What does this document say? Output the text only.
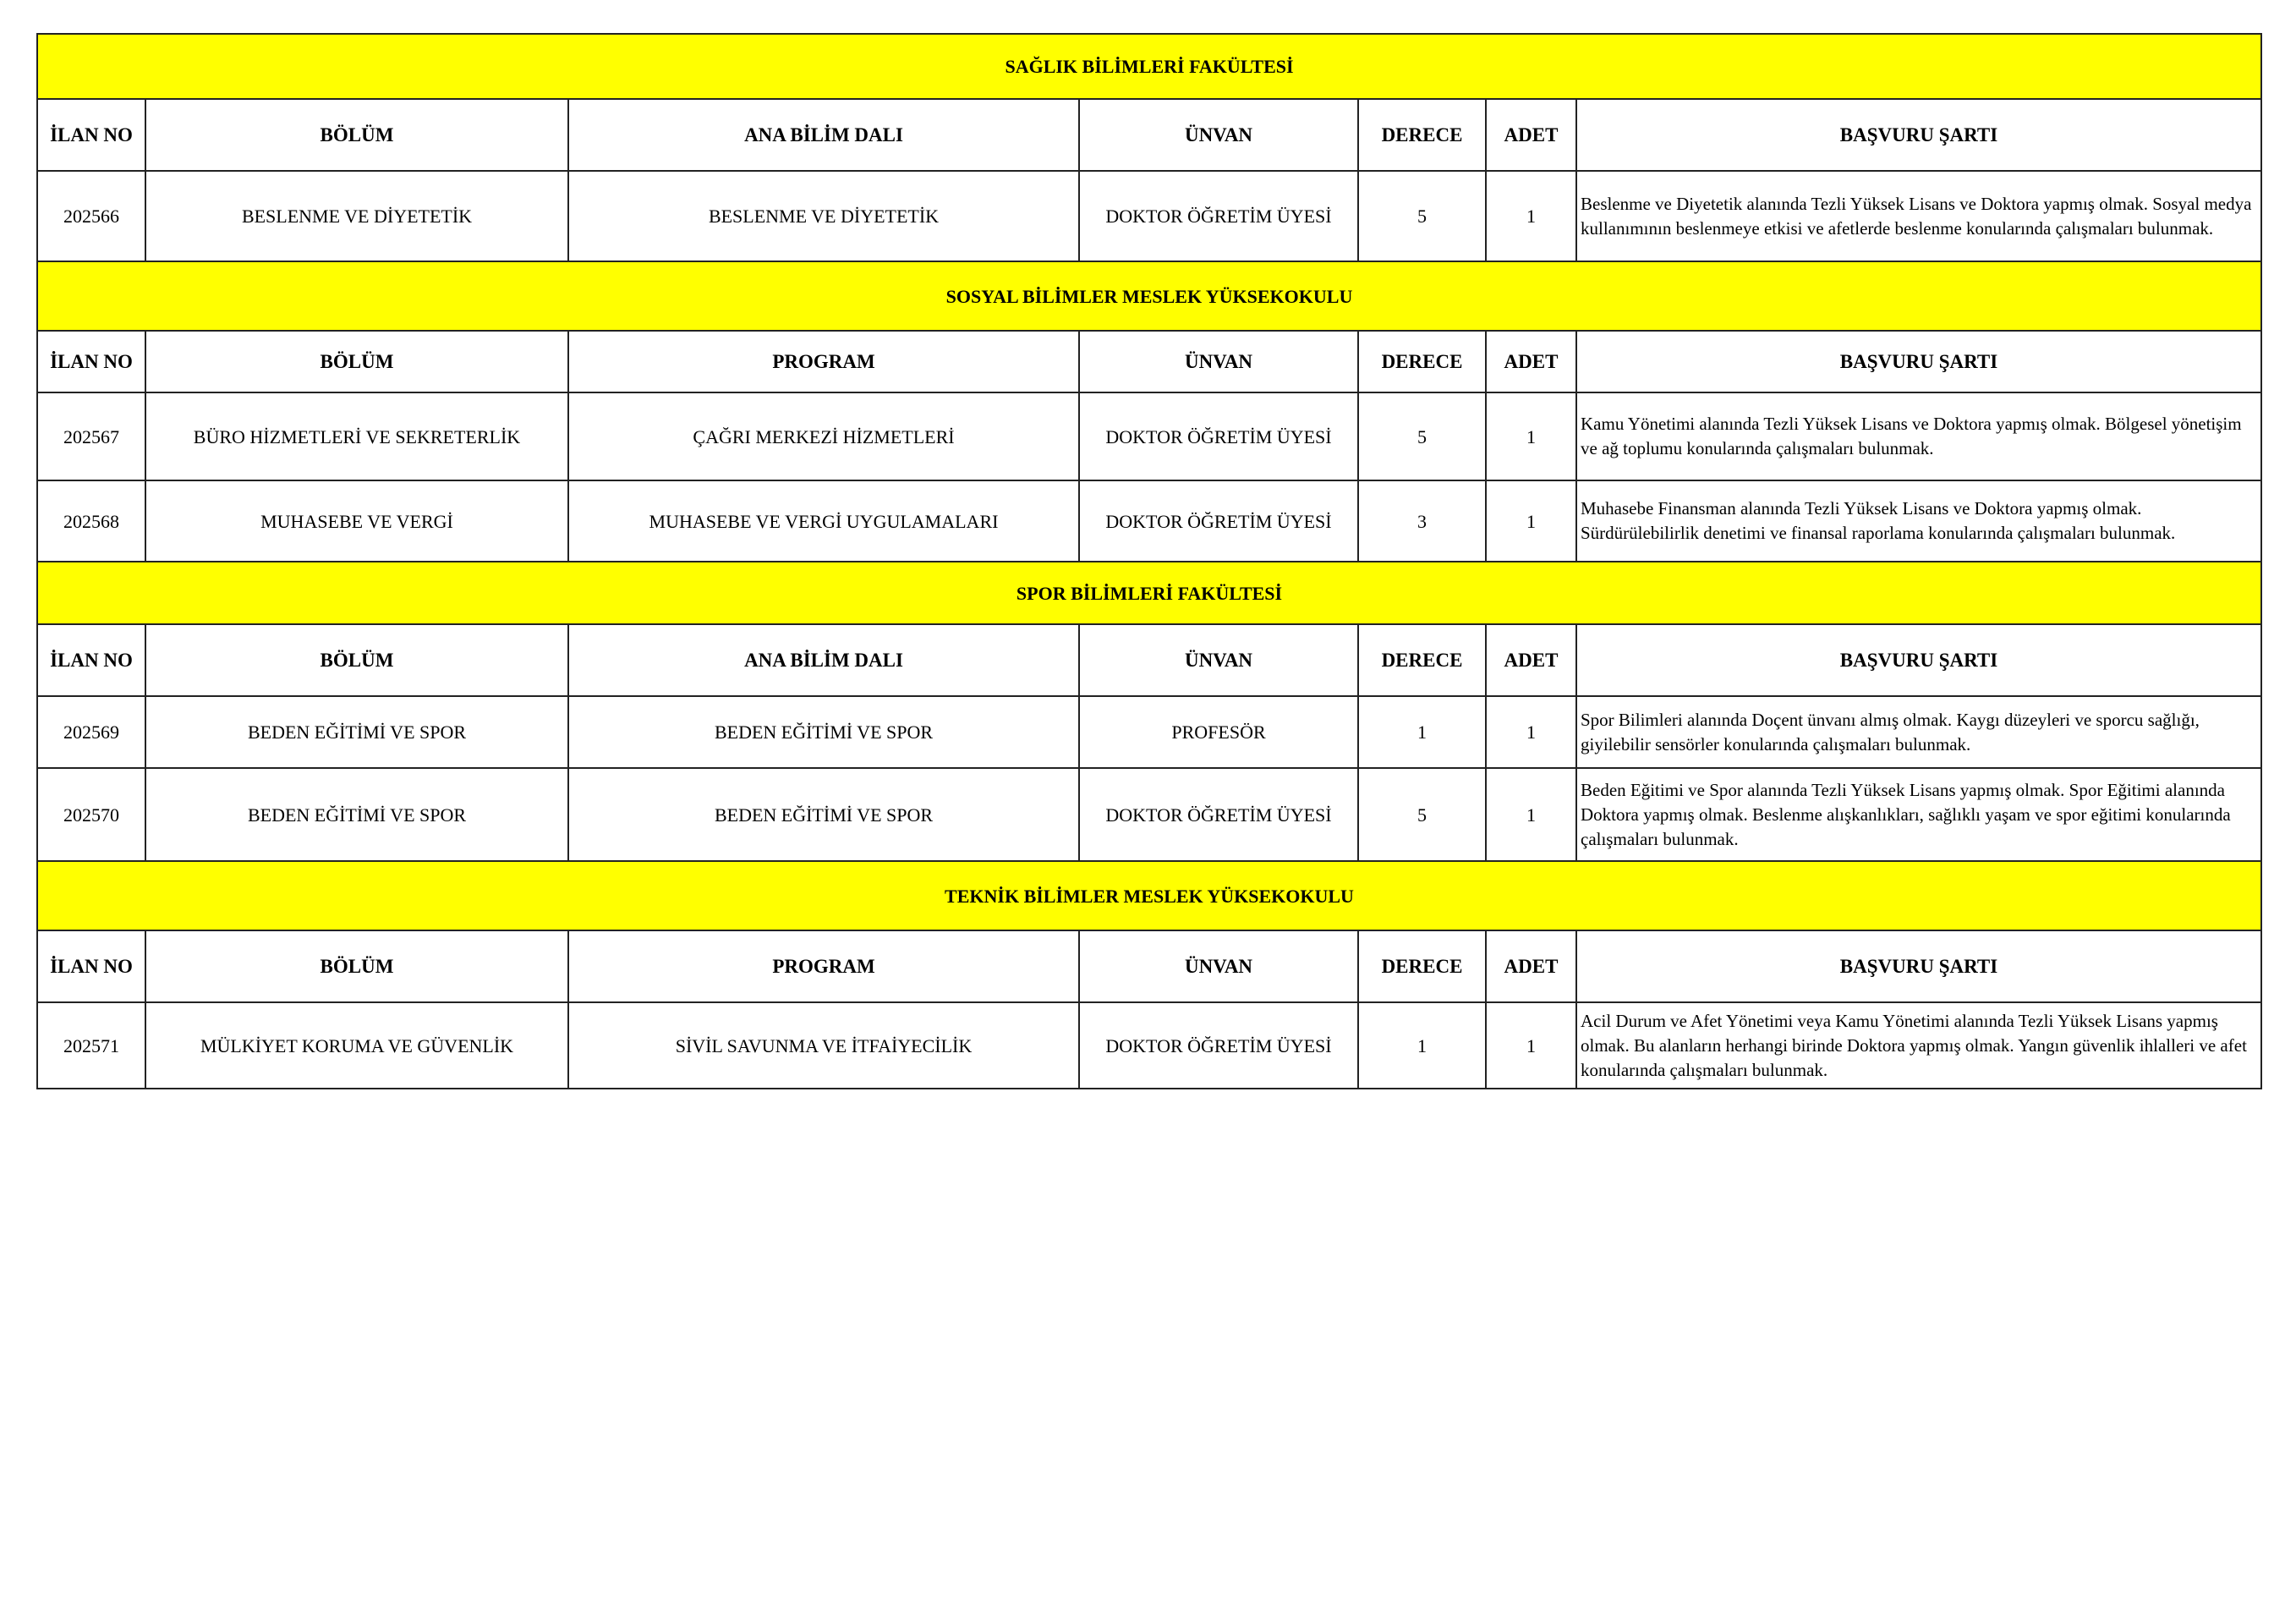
SAĞLIK BİLİMLERİ FAKÜLTESİ						
İLAN NO	BÖLÜM	ANA BİLİM DALI	ÜNVAN	DERECE	ADET	BAŞVURU ŞARTI
202566	BESLENME VE DİYETETİK	BESLENME VE DİYETETİK	DOKTOR ÖĞRETİM ÜYESİ	5	1	Beslenme ve Diyetetik alanında Tezli Yüksek Lisans ve Doktora yapmış olmak. Sosyal medya kullanımının beslenmeye etkisi ve afetlerde beslenme konularında çalışmaları bulunmak.
SOSYAL BİLİMLER MESLEK YÜKSEKOKULU						
İLAN NO	BÖLÜM	PROGRAM	ÜNVAN	DERECE	ADET	BAŞVURU ŞARTI
202567	BÜRO HİZMETLERİ VE SEKRETERLİK	ÇAĞRI MERKEZİ HİZMETLERİ	DOKTOR ÖĞRETİM ÜYESİ	5	1	Kamu Yönetimi alanında Tezli Yüksek Lisans ve Doktora yapmış olmak. Bölgesel yönetişim ve ağ toplumu konularında çalışmaları bulunmak.
202568	MUHASEBE VE VERGİ	MUHASEBE VE VERGİ UYGULAMALARI	DOKTOR ÖĞRETİM ÜYESİ	3	1	Muhasebe Finansman alanında Tezli Yüksek Lisans ve Doktora yapmış olmak. Sürdürülebilirlik denetimi ve finansal raporlama konularında çalışmaları bulunmak.
SPOR BİLİMLERİ FAKÜLTESİ						
İLAN NO	BÖLÜM	ANA BİLİM DALI	ÜNVAN	DERECE	ADET	BAŞVURU ŞARTI
202569	BEDEN EĞİTİMİ VE SPOR	BEDEN EĞİTİMİ VE SPOR	PROFESÖR	1	1	Spor Bilimleri alanında Doçent ünvanı almış olmak. Kaygı düzeyleri ve sporcu sağlığı, giyilebilir sensörler konularında çalışmaları bulunmak.
202570	BEDEN EĞİTİMİ VE SPOR	BEDEN EĞİTİMİ VE SPOR	DOKTOR ÖĞRETİM ÜYESİ	5	1	Beden Eğitimi ve Spor alanında Tezli Yüksek Lisans yapmış olmak. Spor Eğitimi alanında Doktora yapmış olmak. Beslenme alışkanlıkları, sağlıklı yaşam ve spor eğitimi konularında çalışmaları bulunmak.
TEKNİK BİLİMLER MESLEK YÜKSEKOKULU						
İLAN NO	BÖLÜM	PROGRAM	ÜNVAN	DERECE	ADET	BAŞVURU ŞARTI
202571	MÜLKİYET KORUMA VE GÜVENLİK	SİVİL SAVUNMA VE İTFAİYECİLİK	DOKTOR ÖĞRETİM ÜYESİ	1	1	Acil Durum ve Afet Yönetimi veya Kamu Yönetimi alanında Tezli Yüksek Lisans yapmış olmak. Bu alanların herhangi birinde Doktora yapmış olmak. Yangın güvenlik ihlalleri ve afet konularında çalışmaları bulunmak.
